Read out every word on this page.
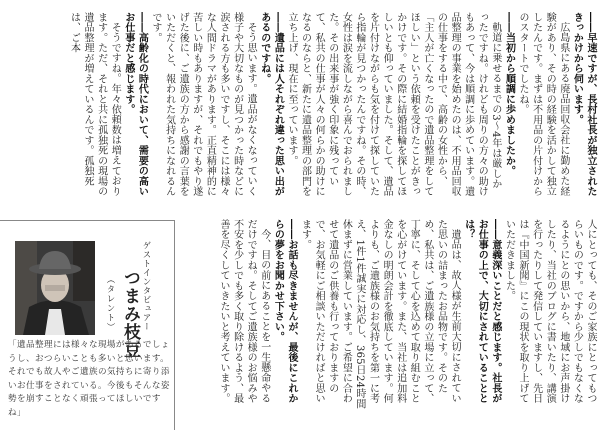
――早速ですが、長村社長が独立されたきっかけから伺います。

広島県にある廃品回収会社に勤めた経験があり、その時の経験を活かして独立したんです。まずは不用品の片付けからのスタートでしたね。

――当初から順調に歩めましたか。

軌道に乗せるまでの3～4年は厳しかったですね。けれども周りの方々の助けもあって、今は順調に歩めています。遺品整理の事業を始めたのは、不用品回収の仕事をする中で、高齢の女性から、「主人が亡くなったので遺品整理をしてほしい」という依頼を受けたことがきっかけです。その際に結婚指輪を探してほしいとも仰っていました。そして、遺品を片付けながらも気を付けて探していたら指輪が見つかったんですね。その時、女性は涙を流しながら喜んでおられました。その出来事が強く印象に残っていて、私共の仕事が人々の何らかの助けになるのならと、新たに遺品整理の部門を立ち上げ、現在に至っています。

――遺品には人それぞれ違った思い出があるのですね。

そう思います。遺品がなくなっていく様子や大切なものが見つかった時などに涙される方も多いですし、そこには様々な人間ドラマがあります。正直精神的に苦しい時もありますが、それでもやり遂げた後に、ご遺族の方から感謝の言葉をいただくと、報われた気持ちになれるんです。

――高齢化の時代において、需要の高いお仕事だと感じます。

そうですね。年々依頼数は増えております。ただ、それと共に孤独死の現場の遺品整理が増えているんです。孤独死は、ご本

人にとっても、そのご家族にとってもつらいものです。ですから少しでもなくなるようにとの思いから、地域にお声掛けしたり、当社のブログに書いたり、講演を行ったりして発信していますし、先日は『中国新聞』にこの現状を取り上げていただきました。

――意義深いことだと感じます。社長がお仕事の上で、大切にされていることとは？

遺品は、故人様が生前大切にされていた思いの詰まったお品物です。そのため、私共は、ご遺族様の立場に立って、丁寧に、そして心を込めて取り組むことを心がけています。また、当社は追加料金なしの明朗会計を徹底しています。何よりも、ご遺族様のお気持ちを第一に考え、1件1件誠実に対応し、365日24時間休まずに営業しています。ご希望に合わせて遺品のご供養も行っておりますので、お気軽にご相談いただければと思います。

――お話も尽きませんが、最後にこれからの夢をお聞かせ下さい。

今、目の前にあることを一生懸命やるだけですね。そしてご遺族様のお悩みや不安を少しでも多く取り除けるよう、最善を尽くしていきたいと考えています。

ゲストインタビュアー
つまみ枝豆
（タレント）

「遺品整理には様々な現場があるでしょうし、おつらいことも多いと思います。それでも故人やご遺族の気持ちに寄り添いお仕事をされている。今後もそんな姿勢を崩すことなく頑張ってほしいですね」
